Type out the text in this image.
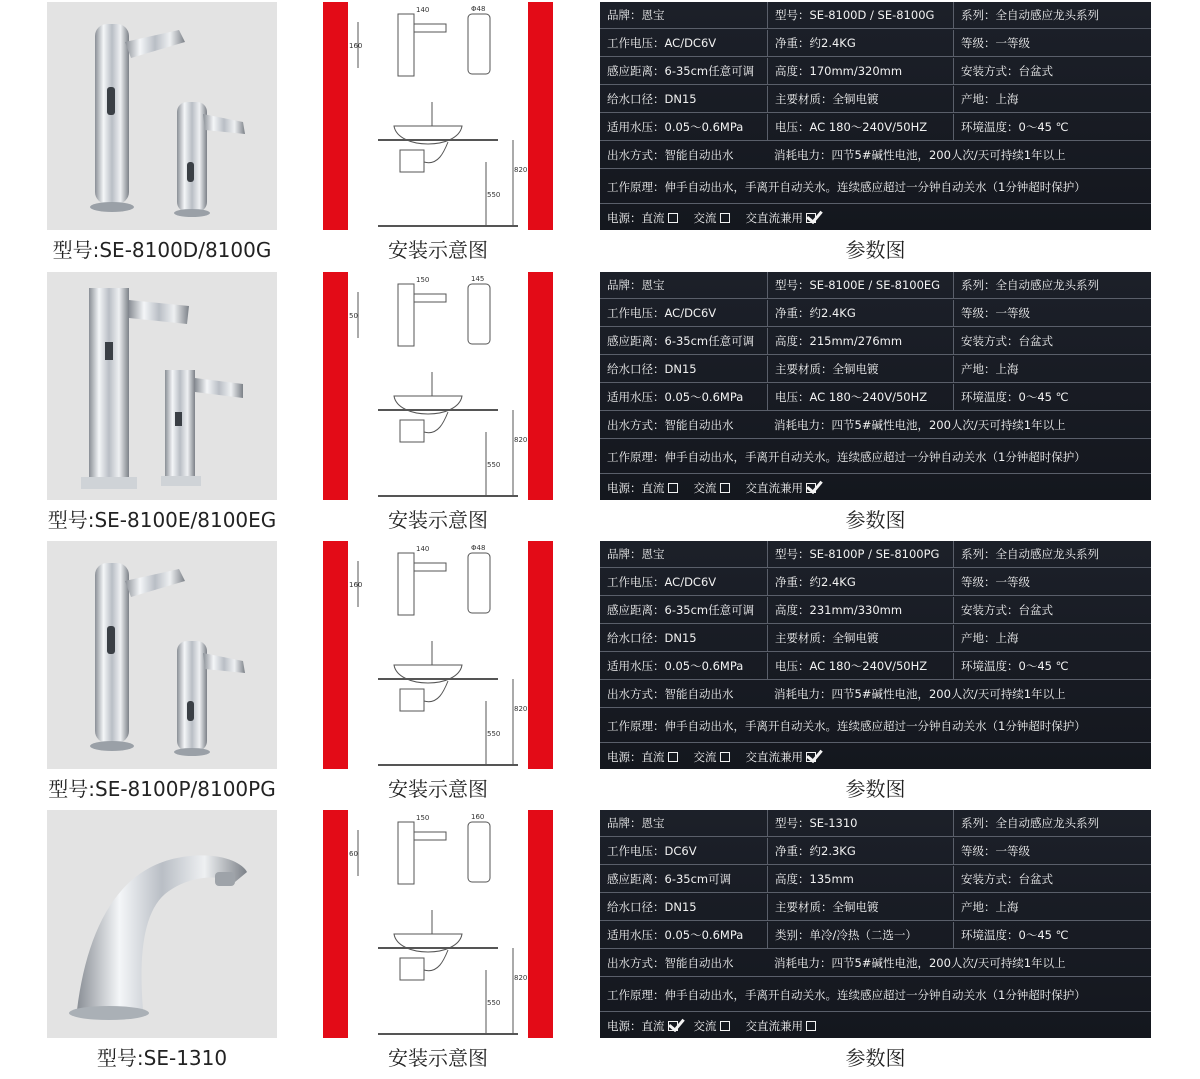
140	Φ48
160
820
550
品牌：恩宝	型号：SE-8100D / SE-8100G	系列：全自动感应龙头系列
工作电压：AC/DC6V	净重：约2.4KG	等级：一等级
感应距离：6-35cm任意可调	高度：170mm/320mm	安装方式：台盆式
给水口径：DN15	主要材质：全铜电镀	产地：上海
适用水压：0.05～0.6MPa	电压：AC 180～240V/50HZ	环境温度：0～45 ℃
出水方式：智能自动出水	消耗电力：四节5#碱性电池，200人次/天可持续1年以上
工作原理：伸手自动出水，手离开自动关水。连续感应超过一分钟自动关水（1分钟超时保护）
电源：直流	交流	交直流兼用
型号:SE-8100D/8100G	安装示意图	参数图
150	145
50
820
550
品牌：恩宝	型号：SE-8100E / SE-8100EG	系列：全自动感应龙头系列
工作电压：AC/DC6V	净重：约2.4KG	等级：一等级
感应距离：6-35cm任意可调	高度：215mm/276mm	安装方式：台盆式
给水口径：DN15	主要材质：全铜电镀	产地：上海
适用水压：0.05～0.6MPa	电压：AC 180～240V/50HZ	环境温度：0～45 ℃
出水方式：智能自动出水	消耗电力：四节5#碱性电池，200人次/天可持续1年以上
工作原理：伸手自动出水，手离开自动关水。连续感应超过一分钟自动关水（1分钟超时保护）
电源：直流	交流	交直流兼用
型号:SE-8100E/8100EG	安装示意图	参数图
140	Φ48
160
820
550
品牌：恩宝	型号：SE-8100P / SE-8100PG	系列：全自动感应龙头系列
工作电压：AC/DC6V	净重：约2.4KG	等级：一等级
感应距离：6-35cm任意可调	高度：231mm/330mm	安装方式：台盆式
给水口径：DN15	主要材质：全铜电镀	产地：上海
适用水压：0.05～0.6MPa	电压：AC 180～240V/50HZ	环境温度：0～45 ℃
出水方式：智能自动出水	消耗电力：四节5#碱性电池，200人次/天可持续1年以上
工作原理：伸手自动出水，手离开自动关水。连续感应超过一分钟自动关水（1分钟超时保护）
电源：直流	交流	交直流兼用
型号:SE-8100P/8100PG	安装示意图	参数图
150	160
60
820
550
品牌：恩宝	型号：SE-1310	系列：全自动感应龙头系列
工作电压：DC6V	净重：约2.3KG	等级：一等级
感应距离：6-35cm可调	高度：135mm	安装方式：台盆式
给水口径：DN15	主要材质：全铜电镀	产地：上海
适用水压：0.05～0.6MPa	类别：单冷/冷热（二选一）	环境温度：0～45 ℃
出水方式：智能自动出水	消耗电力：四节5#碱性电池，200人次/天可持续1年以上
工作原理：伸手自动出水，手离开自动关水。连续感应超过一分钟自动关水（1分钟超时保护）
电源：直流	交流	交直流兼用
型号:SE-1310	安装示意图	参数图
